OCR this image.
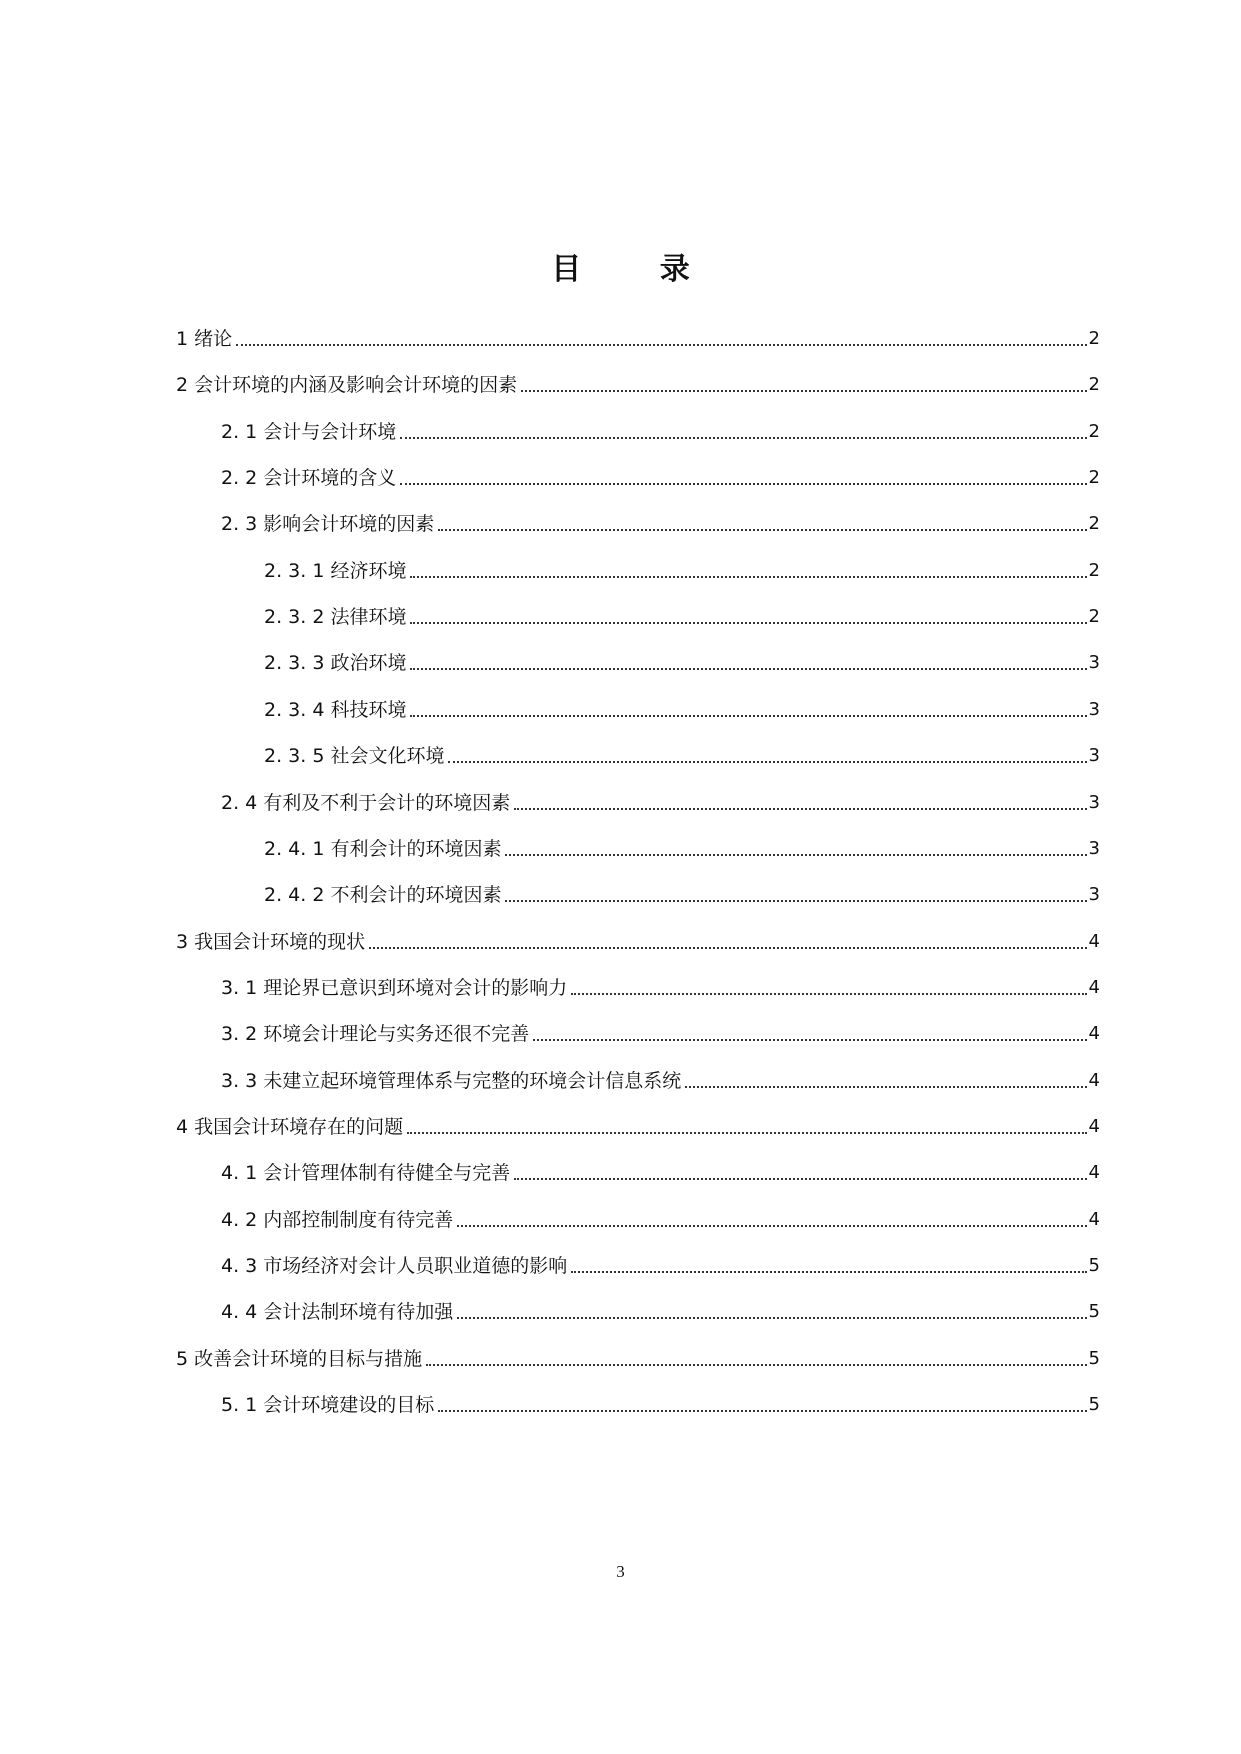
目 录
1 绪论	2
2 会计环境的内涵及影响会计环境的因素	2
2. 1 会计与会计环境	2
2. 2 会计环境的含义	2
2. 3 影响会计环境的因素	2
2. 3. 1 经济环境	2
2. 3. 2 法律环境	2
2. 3. 3 政治环境	3
2. 3. 4 科技环境	3
2. 3. 5 社会文化环境	3
2. 4 有利及不利于会计的环境因素	3
2. 4. 1 有利会计的环境因素	3
2. 4. 2 不利会计的环境因素	3
3 我国会计环境的现状	4
3. 1 理论界已意识到环境对会计的影响力	4
3. 2 环境会计理论与实务还很不完善	4
3. 3 未建立起环境管理体系与完整的环境会计信息系统	4
4 我国会计环境存在的问题	4
4. 1 会计管理体制有待健全与完善	4
4. 2 内部控制制度有待完善	4
4. 3 市场经济对会计人员职业道德的影响	5
4. 4 会计法制环境有待加强	5
5 改善会计环境的目标与措施	5
5. 1 会计环境建设的目标	5
3
